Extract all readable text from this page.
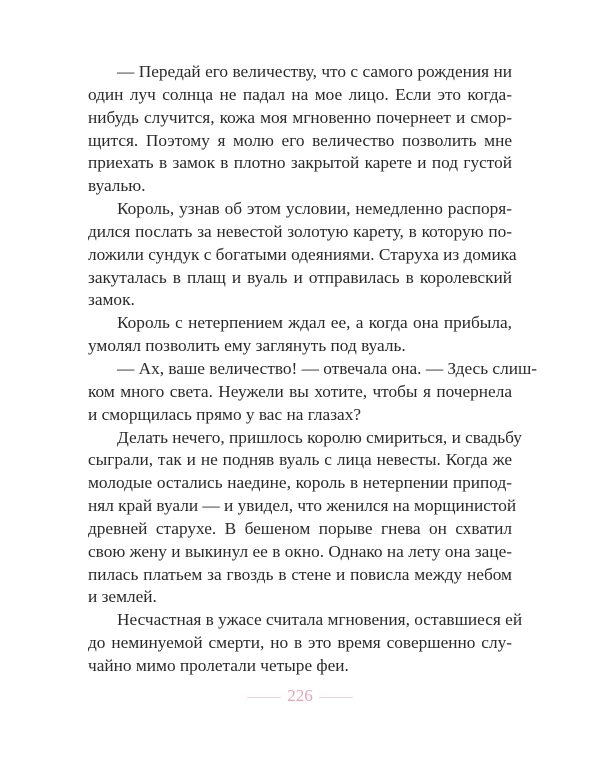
— Передай его величеству, что с самого рождения ни
один луч солнца не падал на мое лицо. Если это когда-
нибудь случится, кожа моя мгновенно почернеет и смор-
щится. Поэтому я молю его величество позволить мне
приехать в замок в плотно закрытой карете и под густой
вуалью.
Король, узнав об этом условии, немедленно распоря-
дился послать за невестой золотую карету, в которую по-
ложили сундук с богатыми одеяниями. Старуха из домика
закуталась в плащ и вуаль и отправилась в королевский
замок.
Король с нетерпением ждал ее, а когда она прибыла,
умолял позволить ему заглянуть под вуаль.
— Ах, ваше величество! — отвечала она. — Здесь слиш-
ком много света. Неужели вы хотите, чтобы я почернела
и сморщилась прямо у вас на глазах?
Делать нечего, пришлось королю смириться, и свадьбу
сыграли, так и не подняв вуаль с лица невесты. Когда же
молодые остались наедине, король в нетерпении припод-
нял край вуали — и увидел, что женился на морщинистой
древней старухе. В бешеном порыве гнева он схватил
свою жену и выкинул ее в окно. Однако на лету она заце-
пилась платьем за гвоздь в стене и повисла между небом
и землей.
Несчастная в ужасе считала мгновения, оставшиеся ей
до неминуемой смерти, но в это время совершенно слу-
чайно мимо пролетали четыре феи.
226
